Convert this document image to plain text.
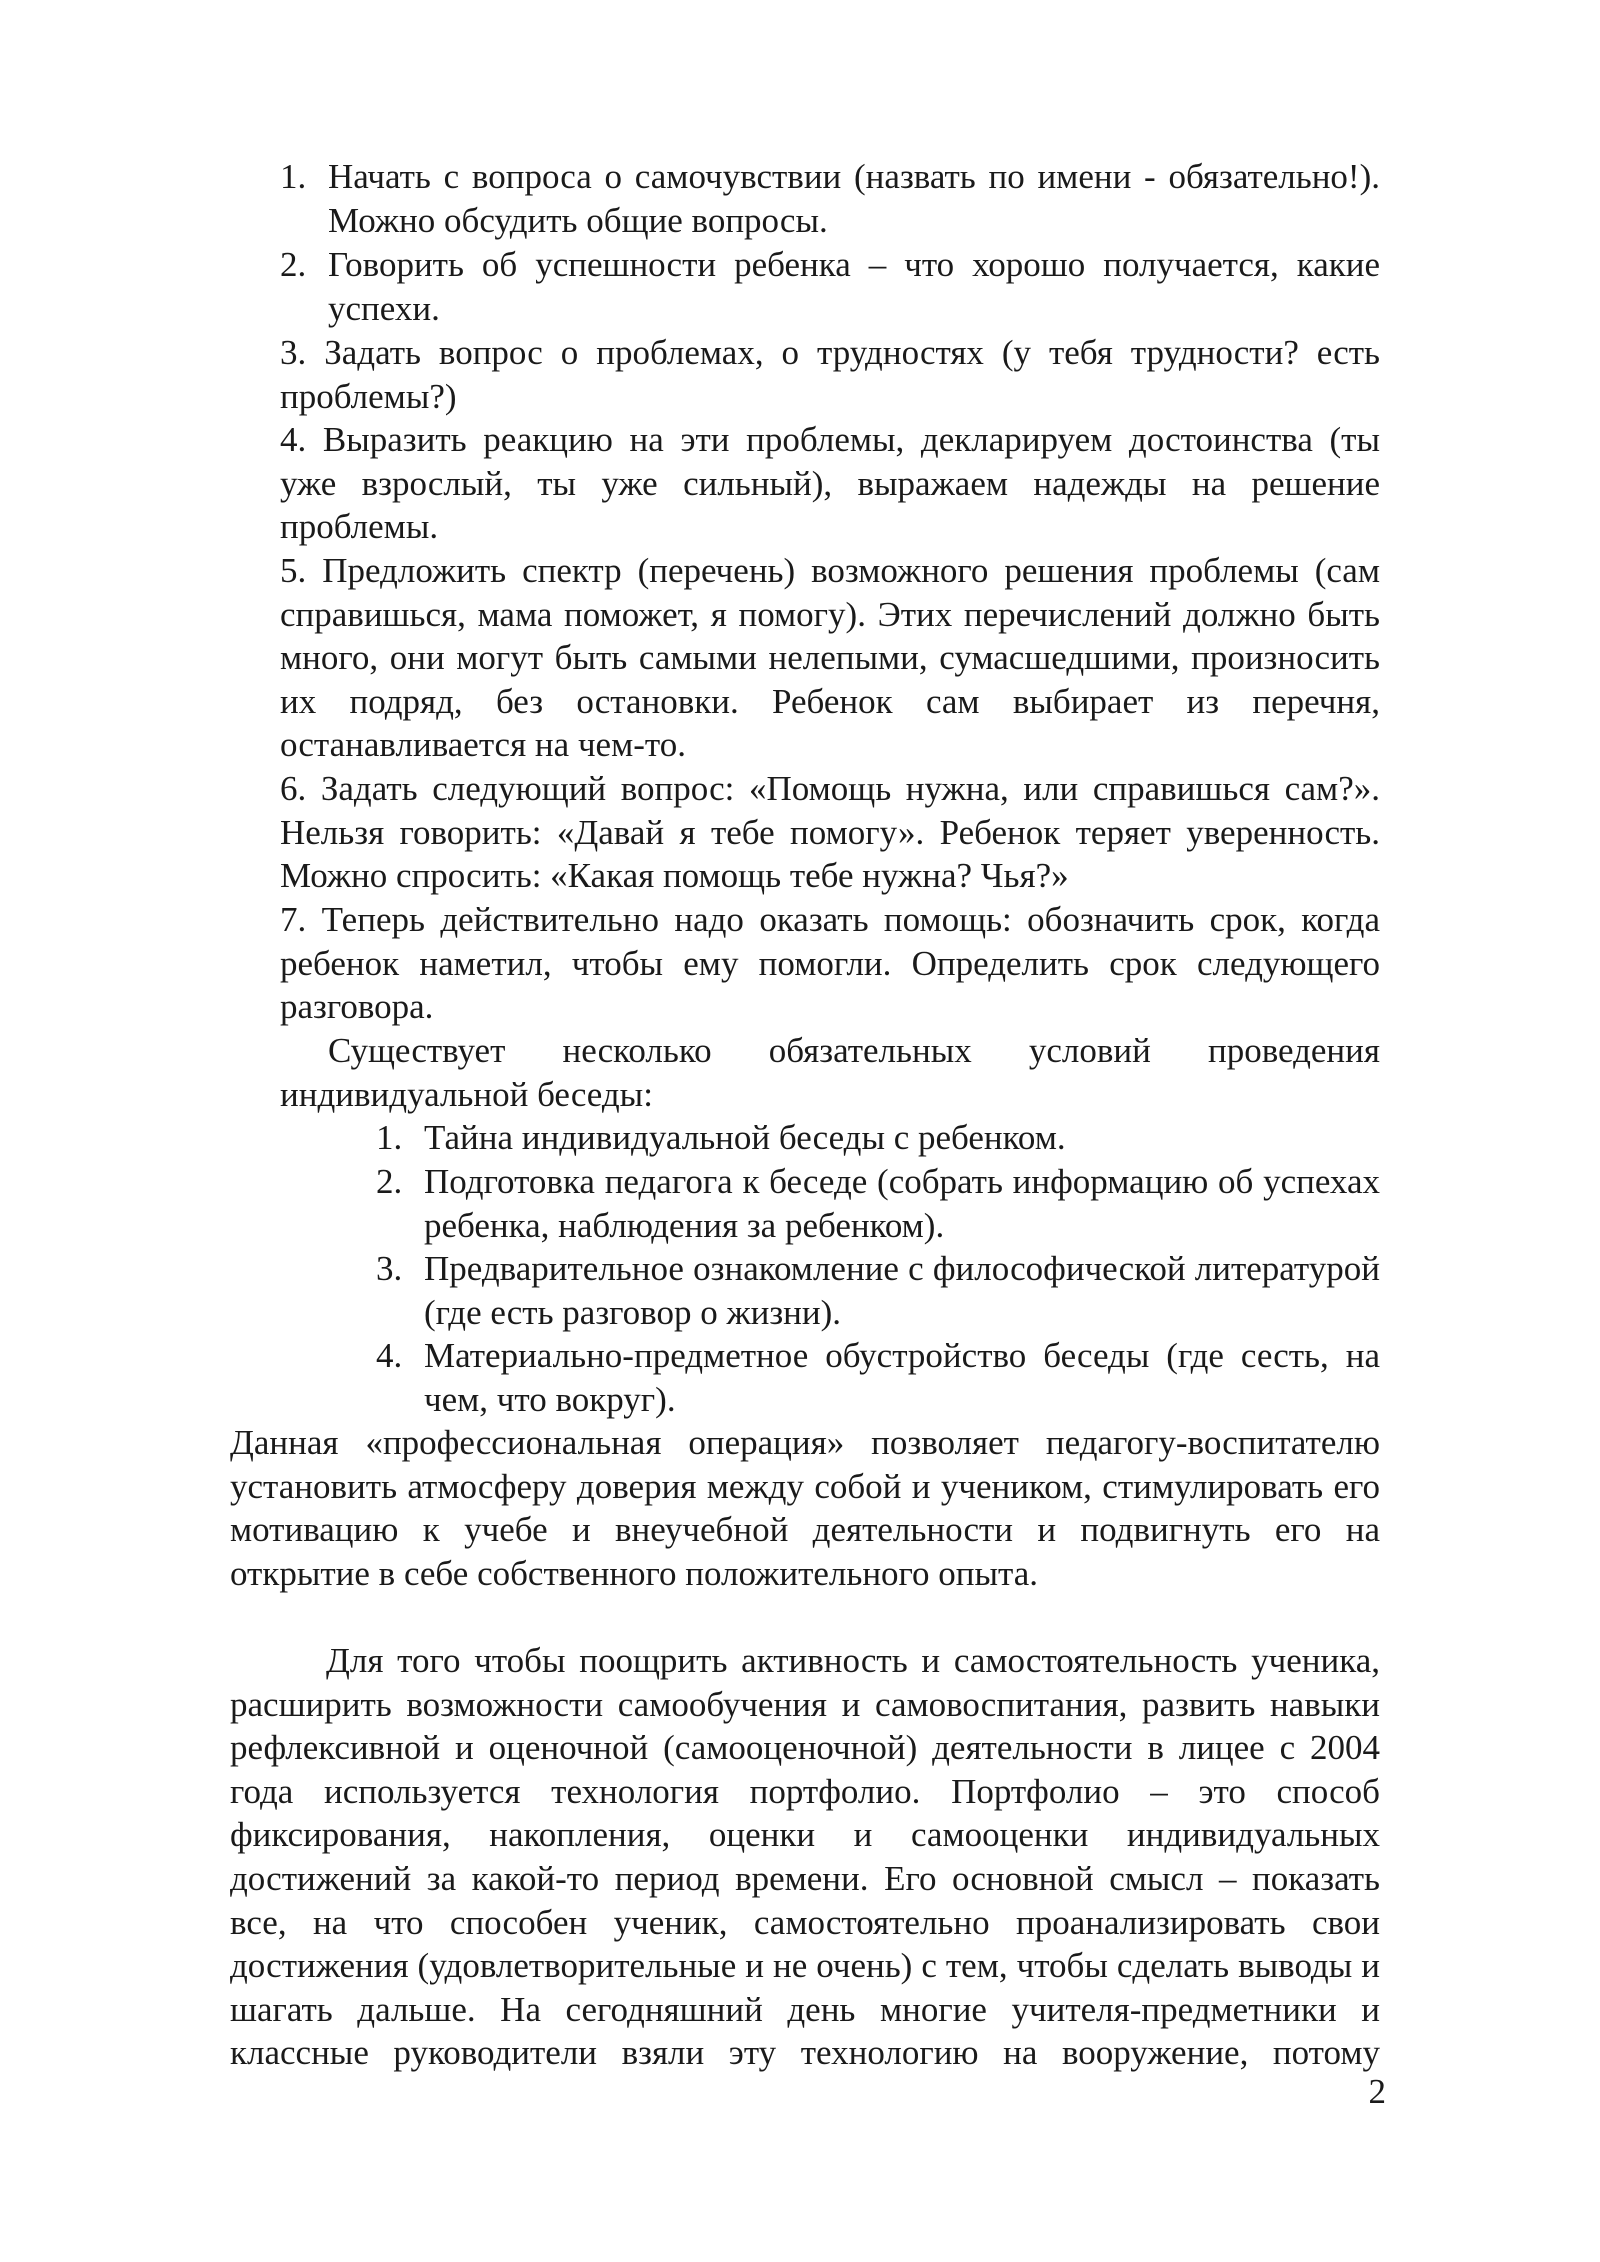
1. Начать с вопроса о самочувствии (назвать по имени - обязательно!). Можно обсудить общие вопросы.

2. Говорить об успешности ребенка – что хорошо получается, какие успехи.

3. Задать вопрос о проблемах, о трудностях (у тебя трудности? есть проблемы?)

4. Выразить реакцию на эти проблемы, декларируем достоинства (ты уже взрослый, ты уже сильный), выражаем надежды на решение проблемы.

5. Предложить спектр (перечень) возможного решения проблемы (сам справишься, мама поможет, я помогу). Этих перечислений должно быть много, они могут быть самыми нелепыми, сумасшедшими, произносить их подряд, без остановки. Ребенок сам выбирает из перечня, останавливается на чем-то.

6. Задать следующий вопрос: «Помощь нужна, или справишься сам?». Нельзя говорить: «Давай я тебе помогу». Ребенок теряет уверенность. Можно спросить: «Какая помощь тебе нужна? Чья?»

7. Теперь действительно надо оказать помощь: обозначить срок, когда ребенок наметил, чтобы ему помогли. Определить срок следующего разговора.

Существует несколько обязательных условий проведения индивидуальной беседы:

1. Тайна индивидуальной беседы с ребенком.

2. Подготовка педагога к беседе (собрать информацию об успехах ребенка, наблюдения за ребенком).

3. Предварительное ознакомление с философической литературой (где есть разговор о жизни).

4. Материально-предметное обустройство беседы (где сесть, на чем, что вокруг).

Данная «профессиональная операция» позволяет педагогу-воспитателю установить атмосферу доверия между собой и учеником, стимулировать его мотивацию к учебе и внеучебной деятельности и подвигнуть его на открытие в себе собственного положительного опыта.

Для того чтобы поощрить активность и самостоятельность ученика, расширить возможности самообучения и самовоспитания, развить навыки рефлексивной и оценочной (самооценочной) деятельности в лицее с 2004 года используется технология портфолио. Портфолио – это способ фиксирования, накопления, оценки и самооценки индивидуальных достижений за какой-то период времени. Его основной смысл – показать все, на что способен ученик, самостоятельно проанализировать свои достижения (удовлетворительные и не очень) с тем, чтобы сделать выводы и шагать дальше. На сегодняшний день многие учителя-предметники и классные руководители взяли эту технологию на вооружение, потому

2
